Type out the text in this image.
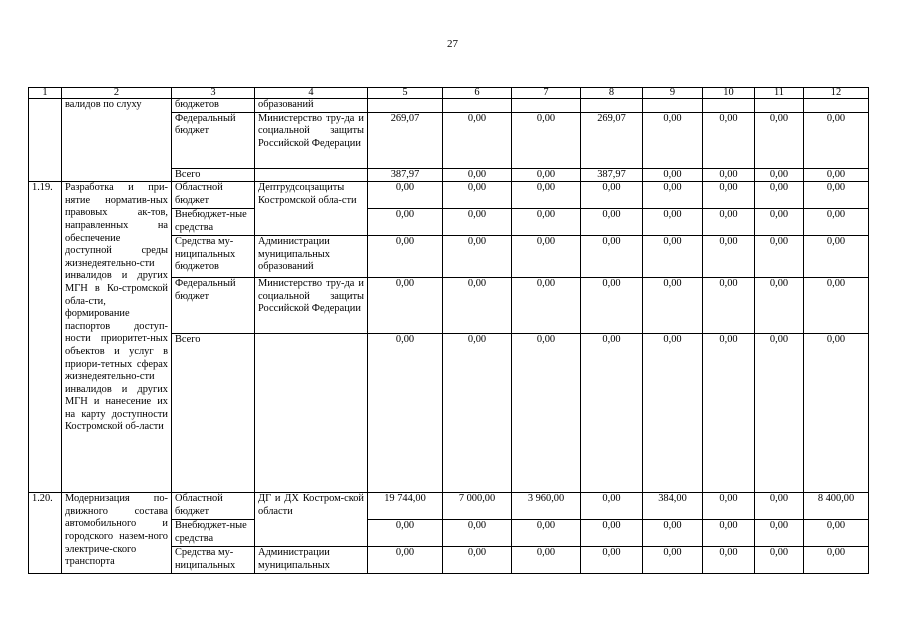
27
1	2	3	4	5	6	7	8	9	10	11	12
	валидов по слуху	бюджетов	образований								
		Федеральный бюджет	Министерство тру-да и социальной защиты Российской Федерации	269,07	0,00	0,00	269,07	0,00	0,00	0,00	0,00
		Всего		387,97	0,00	0,00	387,97	0,00	0,00	0,00	0,00
1.19.	Разработка и при-нятие норматив-ных правовых ак-тов, направленных на обеспечение доступной среды жизнедеятельно-сти инвалидов и других МГН в Ко-стромской обла-сти, формирование паспортов доступ-ности приоритет-ных объектов и услуг в приори-тетных сферах жизнедеятельно-сти инвалидов и других МГН и нанесение их на карту доступности Костромской об-ласти	Областной бюджет	Дептрудсоцзащиты Костромской обла-сти	0,00	0,00	0,00	0,00	0,00	0,00	0,00	0,00
		Внебюджет-ные средства		0,00	0,00	0,00	0,00	0,00	0,00	0,00	0,00
		Средства му-ниципальных бюджетов	Администрации муниципальных образований	0,00	0,00	0,00	0,00	0,00	0,00	0,00	0,00
		Федеральный бюджет	Министерство тру-да и социальной защиты Российской Федерации	0,00	0,00	0,00	0,00	0,00	0,00	0,00	0,00
		Всего		0,00	0,00	0,00	0,00	0,00	0,00	0,00	0,00
1.20.	Модернизация по-движного состава автомобильного и городского назем-ного электриче-ского транспорта	Областной бюджет	ДГ и ДХ Костром-ской области	19 744,00	7 000,00	3 960,00	0,00	384,00	0,00	0,00	8 400,00
		Внебюджет-ные средства		0,00	0,00	0,00	0,00	0,00	0,00	0,00	0,00
		Средства му-ниципальных	Администрации муниципальных	0,00	0,00	0,00	0,00	0,00	0,00	0,00	0,00
